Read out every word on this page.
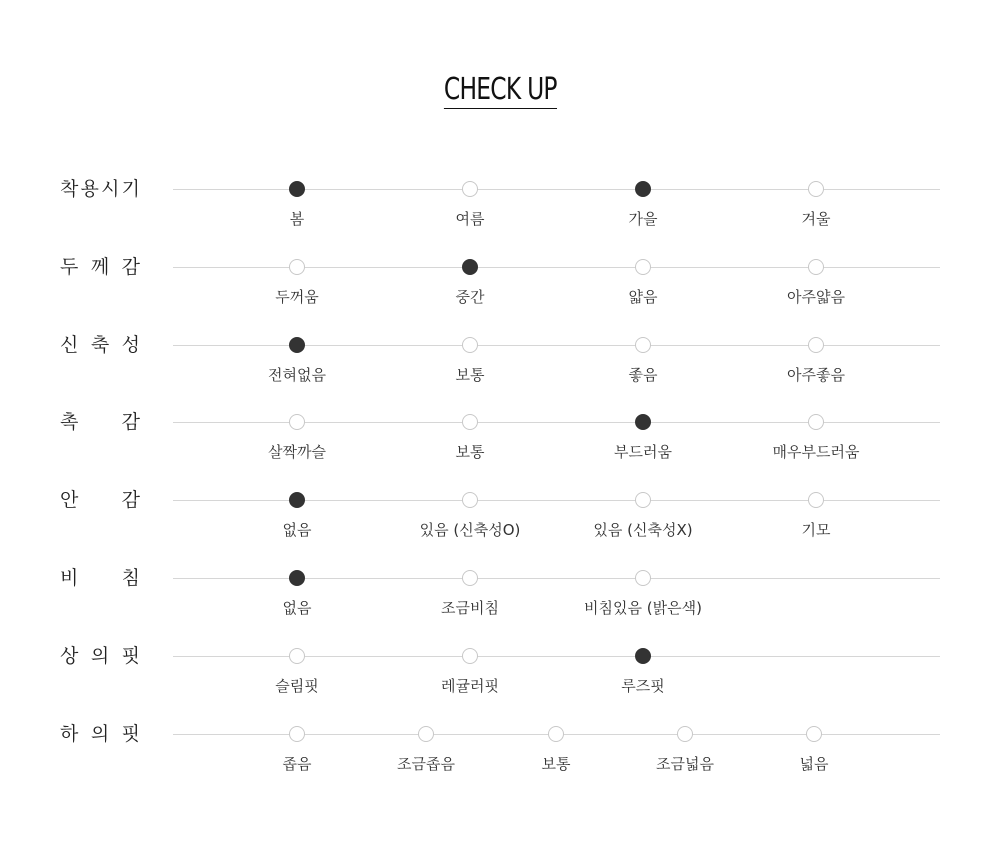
CHECK UP
착 용 시 기
봄	여름	가을	겨울
두 께 감
두꺼움	중간	얇음	아주얇음
신 축 성
전혀없음	보통	좋음	아주좋음
촉 감
살짝까슬	보통	부드러움	매우부드러움
안 감
없음	있음 (신축성O)	있음 (신축성X)	기모
비 침
없음	조금비침	비침있음 (밝은색)
상 의 핏
슬림핏	레귤러핏	루즈핏
하 의 핏
좁음	조금좁음	보통	조금넓음	넓음
